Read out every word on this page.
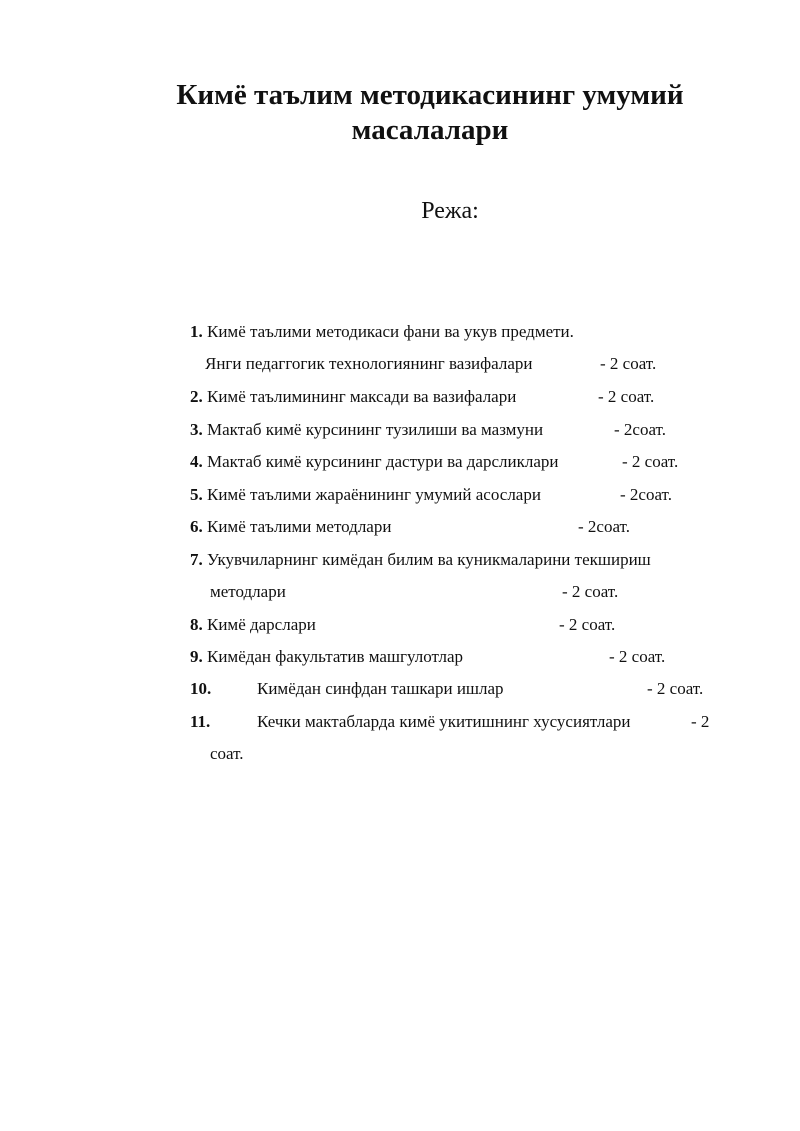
Кимё таълим методикасининг умумий масалалари
Режа:
1. Кимё таълими методикаси фани ва укув предмети.
Янги педаггогик технологиянинг вазифалари	- 2 соат.
2. Кимё таълимининг максади ва вазифалари	- 2 соат.
3. Мактаб кимё курсининг тузилиши ва мазмуни	- 2соат.
4. Мактаб кимё курсининг дастури ва дарсликлари	- 2 соат.
5. Кимё таълими жараёнининг умумий асослари	- 2соат.
6. Кимё таълими методлари	- 2соат.
7. Укувчиларнинг кимёдан билим ва куникмаларини текшириш
методлари	- 2 соат.
8. Кимё дарслари	- 2 соат.
9. Кимёдан факультатив машгулотлар	- 2 соат.
10.	Кимёдан синфдан ташкари ишлар	- 2 соат.
11.	Кечки мактабларда кимё укитишнинг хусусиятлари	- 2
соат.
